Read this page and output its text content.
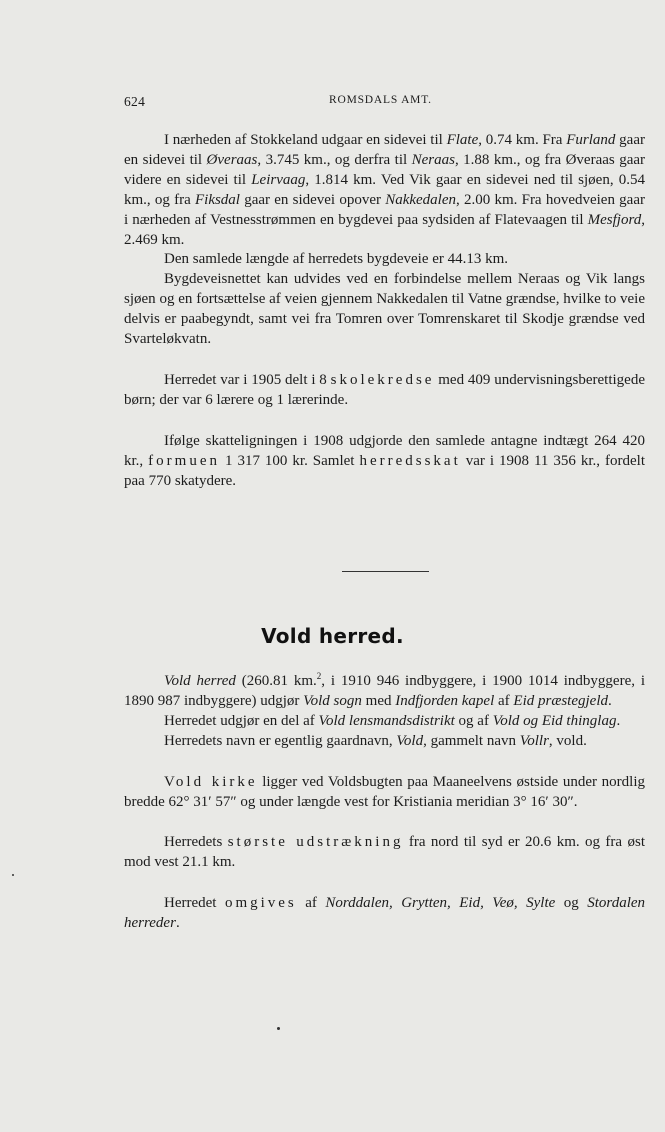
624	ROMSDALS AMT.

I nærheden af Stokkeland udgaar en sidevei til Flate, 0.74 km. Fra Furland gaar en sidevei til Øveraas, 3.745 km., og derfra til Neraas, 1.88 km., og fra Øveraas gaar videre en sidevei til Leirvaag, 1.814 km. Ved Vik gaar en sidevei ned til sjøen, 0.54 km., og fra Fiksdal gaar en sidevei opover Nakkedalen, 2.00 km. Fra hovedveien gaar i nærheden af Vestnesstrømmen en bygdevei paa sydsiden af Flatevaagen til Mesfjord, 2.469 km.

Den samlede længde af herredets bygdeveie er 44.13 km.

Bygdeveisnettet kan udvides ved en forbindelse mellem Neraas og Vik langs sjøen og en fortsættelse af veien gjennem Nakkedalen til Vatne grændse, hvilke to veie delvis er paabegyndt, samt vei fra Tomren over Tomrenskaret til Skodje grændse ved Svarteløkvatn.

Herredet var i 1905 delt i 8 skolekredse med 409 undervisningsberettigede børn; der var 6 lærere og 1 lærerinde.

Ifølge skatteligningen i 1908 udgjorde den samlede antagne indtægt 264 420 kr., formuen 1 317 100 kr. Samlet herredsskat var i 1908 11 356 kr., fordelt paa 770 skatydere.

Vold herred.

Vold herred (260.81 km.$^2$, i 1910 946 indbyggere, i 1900 1014 indbyggere, i 1890 987 indbyggere) udgjør Vold sogn med Indfjorden kapel af Eid præstegjeld.

Herredet udgjør en del af Vold lensmandsdistrikt og af Vold og Eid thinglag.

Herredets navn er egentlig gaardnavn, Vold, gammelt navn Vollr, vold.

Vold kirke ligger ved Voldsbugten paa Maaneelvens østside under nordlig bredde 62° 31′ 57″ og under længde vest for Kristiania meridian 3° 16′ 30″.

Herredets største udstrækning fra nord til syd er 20.6 km. og fra øst mod vest 21.1 km.

Herredet omgives af Norddalen, Grytten, Eid, Veø, Sylte og Stordalen herreder.
